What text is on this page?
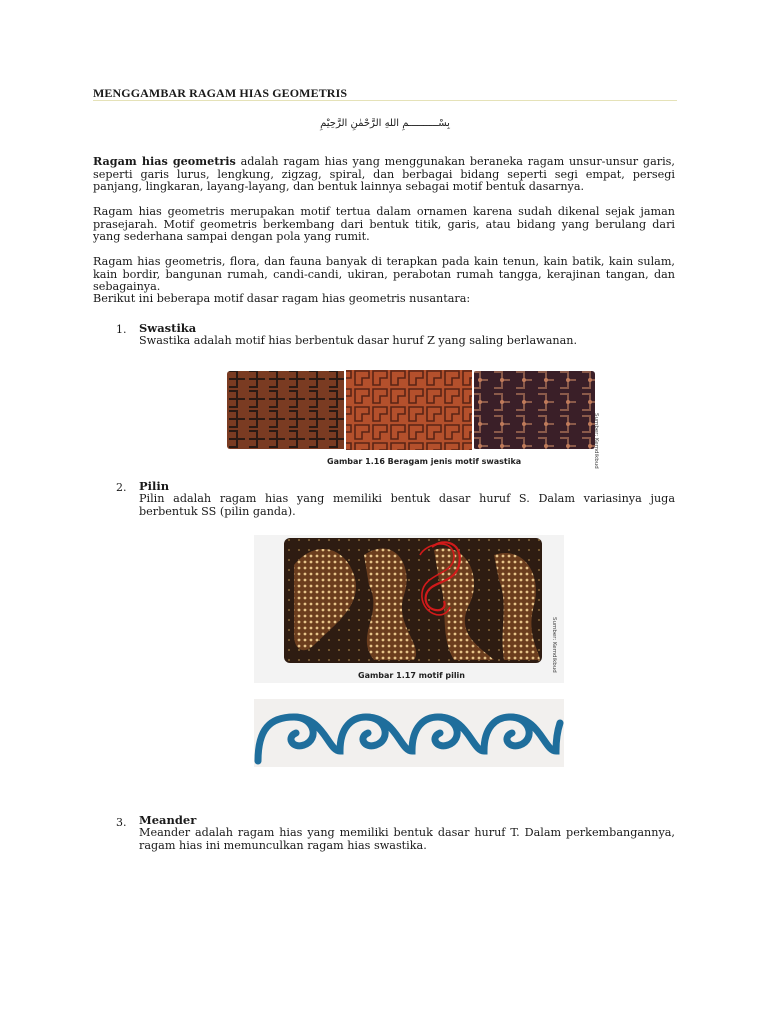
MENGGAMBAR RAGAM HIAS GEOMETRIS
بِسْــــــــــمِ اللهِ الرَّحْمٰنِ الرَّحِيْمِ
Ragam hias geometris adalah ragam hias yang menggunakan beraneka ragam unsur-unsur garis, seperti garis lurus, lengkung, zigzag, spiral, dan berbagai bidang seperti segi empat, persegi panjang, lingkaran, layang-layang, dan bentuk lainnya sebagai motif bentuk dasarnya.
Ragam hias geometris merupakan motif tertua dalam ornamen karena sudah dikenal sejak jaman prasejarah. Motif geometris berkembang dari bentuk titik, garis, atau bidang yang berulang dari yang sederhana sampai dengan pola yang rumit.
Ragam hias geometris, flora, dan fauna banyak di terapkan pada kain tenun, kain batik, kain sulam, kain bordir, bangunan rumah, candi-candi, ukiran, perabotan rumah tangga, kerajinan tangan, dan sebagainya.
Berikut ini beberapa motif dasar ragam hias geometris nusantara:
1. Swastika
Swastika adalah motif hias berbentuk dasar huruf Z yang saling berlawanan.
Sumber: Kemdikbud
Gambar 1.16 Beragam jenis motif swastika
2. Pilin
Pilin adalah ragam hias yang memiliki bentuk dasar huruf S. Dalam variasinya juga berbentuk SS (pilin ganda).
Sumber: Kemdikbud
Gambar 1.17 motif pilin
3. Meander
Meander adalah ragam hias yang memiliki bentuk dasar huruf T. Dalam perkembangannya, ragam hias ini memunculkan ragam hias swastika.
